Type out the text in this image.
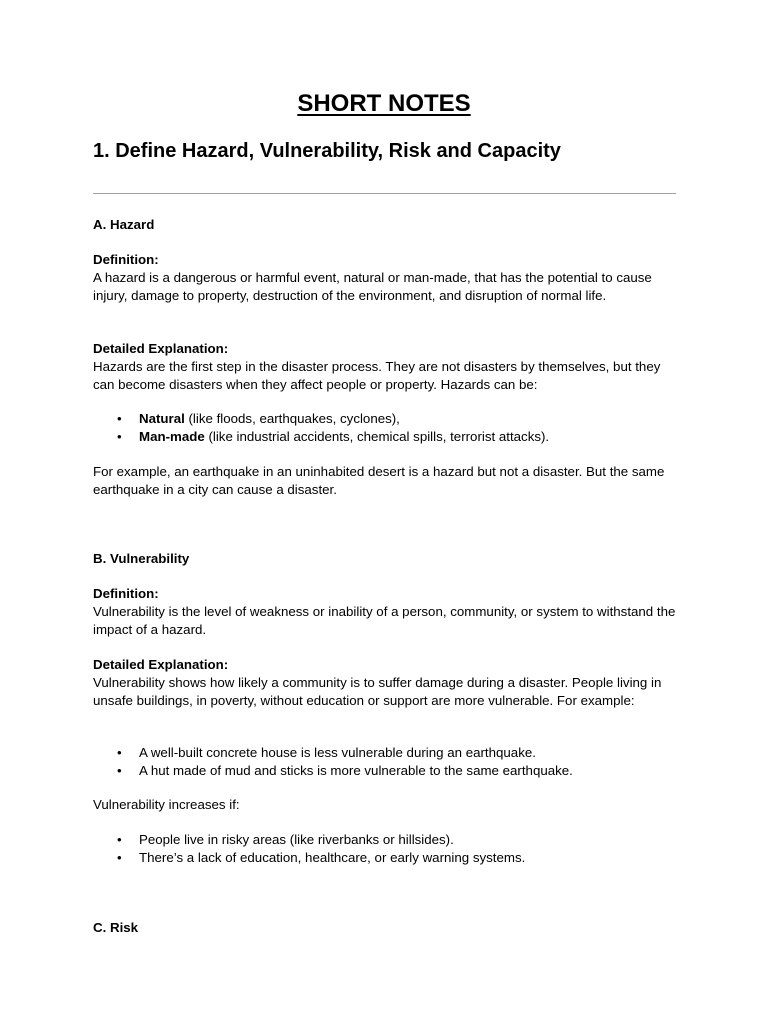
SHORT NOTES
1. Define Hazard, Vulnerability, Risk and Capacity

A. Hazard

Definition:

A hazard is a dangerous or harmful event, natural or man-made, that has the potential to cause injury, damage to property, destruction of the environment, and disruption of normal life.

Detailed Explanation:

Hazards are the first step in the disaster process. They are not disasters by themselves, but they can become disasters when they affect people or property. Hazards can be:

• Natural (like floods, earthquakes, cyclones),
• Man-made (like industrial accidents, chemical spills, terrorist attacks).

For example, an earthquake in an uninhabited desert is a hazard but not a disaster. But the same earthquake in a city can cause a disaster.

B. Vulnerability

Definition:

Vulnerability is the level of weakness or inability of a person, community, or system to withstand the impact of a hazard.

Detailed Explanation:

Vulnerability shows how likely a community is to suffer damage during a disaster. People living in unsafe buildings, in poverty, without education or support are more vulnerable. For example:

• A well-built concrete house is less vulnerable during an earthquake.
• A hut made of mud and sticks is more vulnerable to the same earthquake.

Vulnerability increases if:

• People live in risky areas (like riverbanks or hillsides).
• There’s a lack of education, healthcare, or early warning systems.

C. Risk
